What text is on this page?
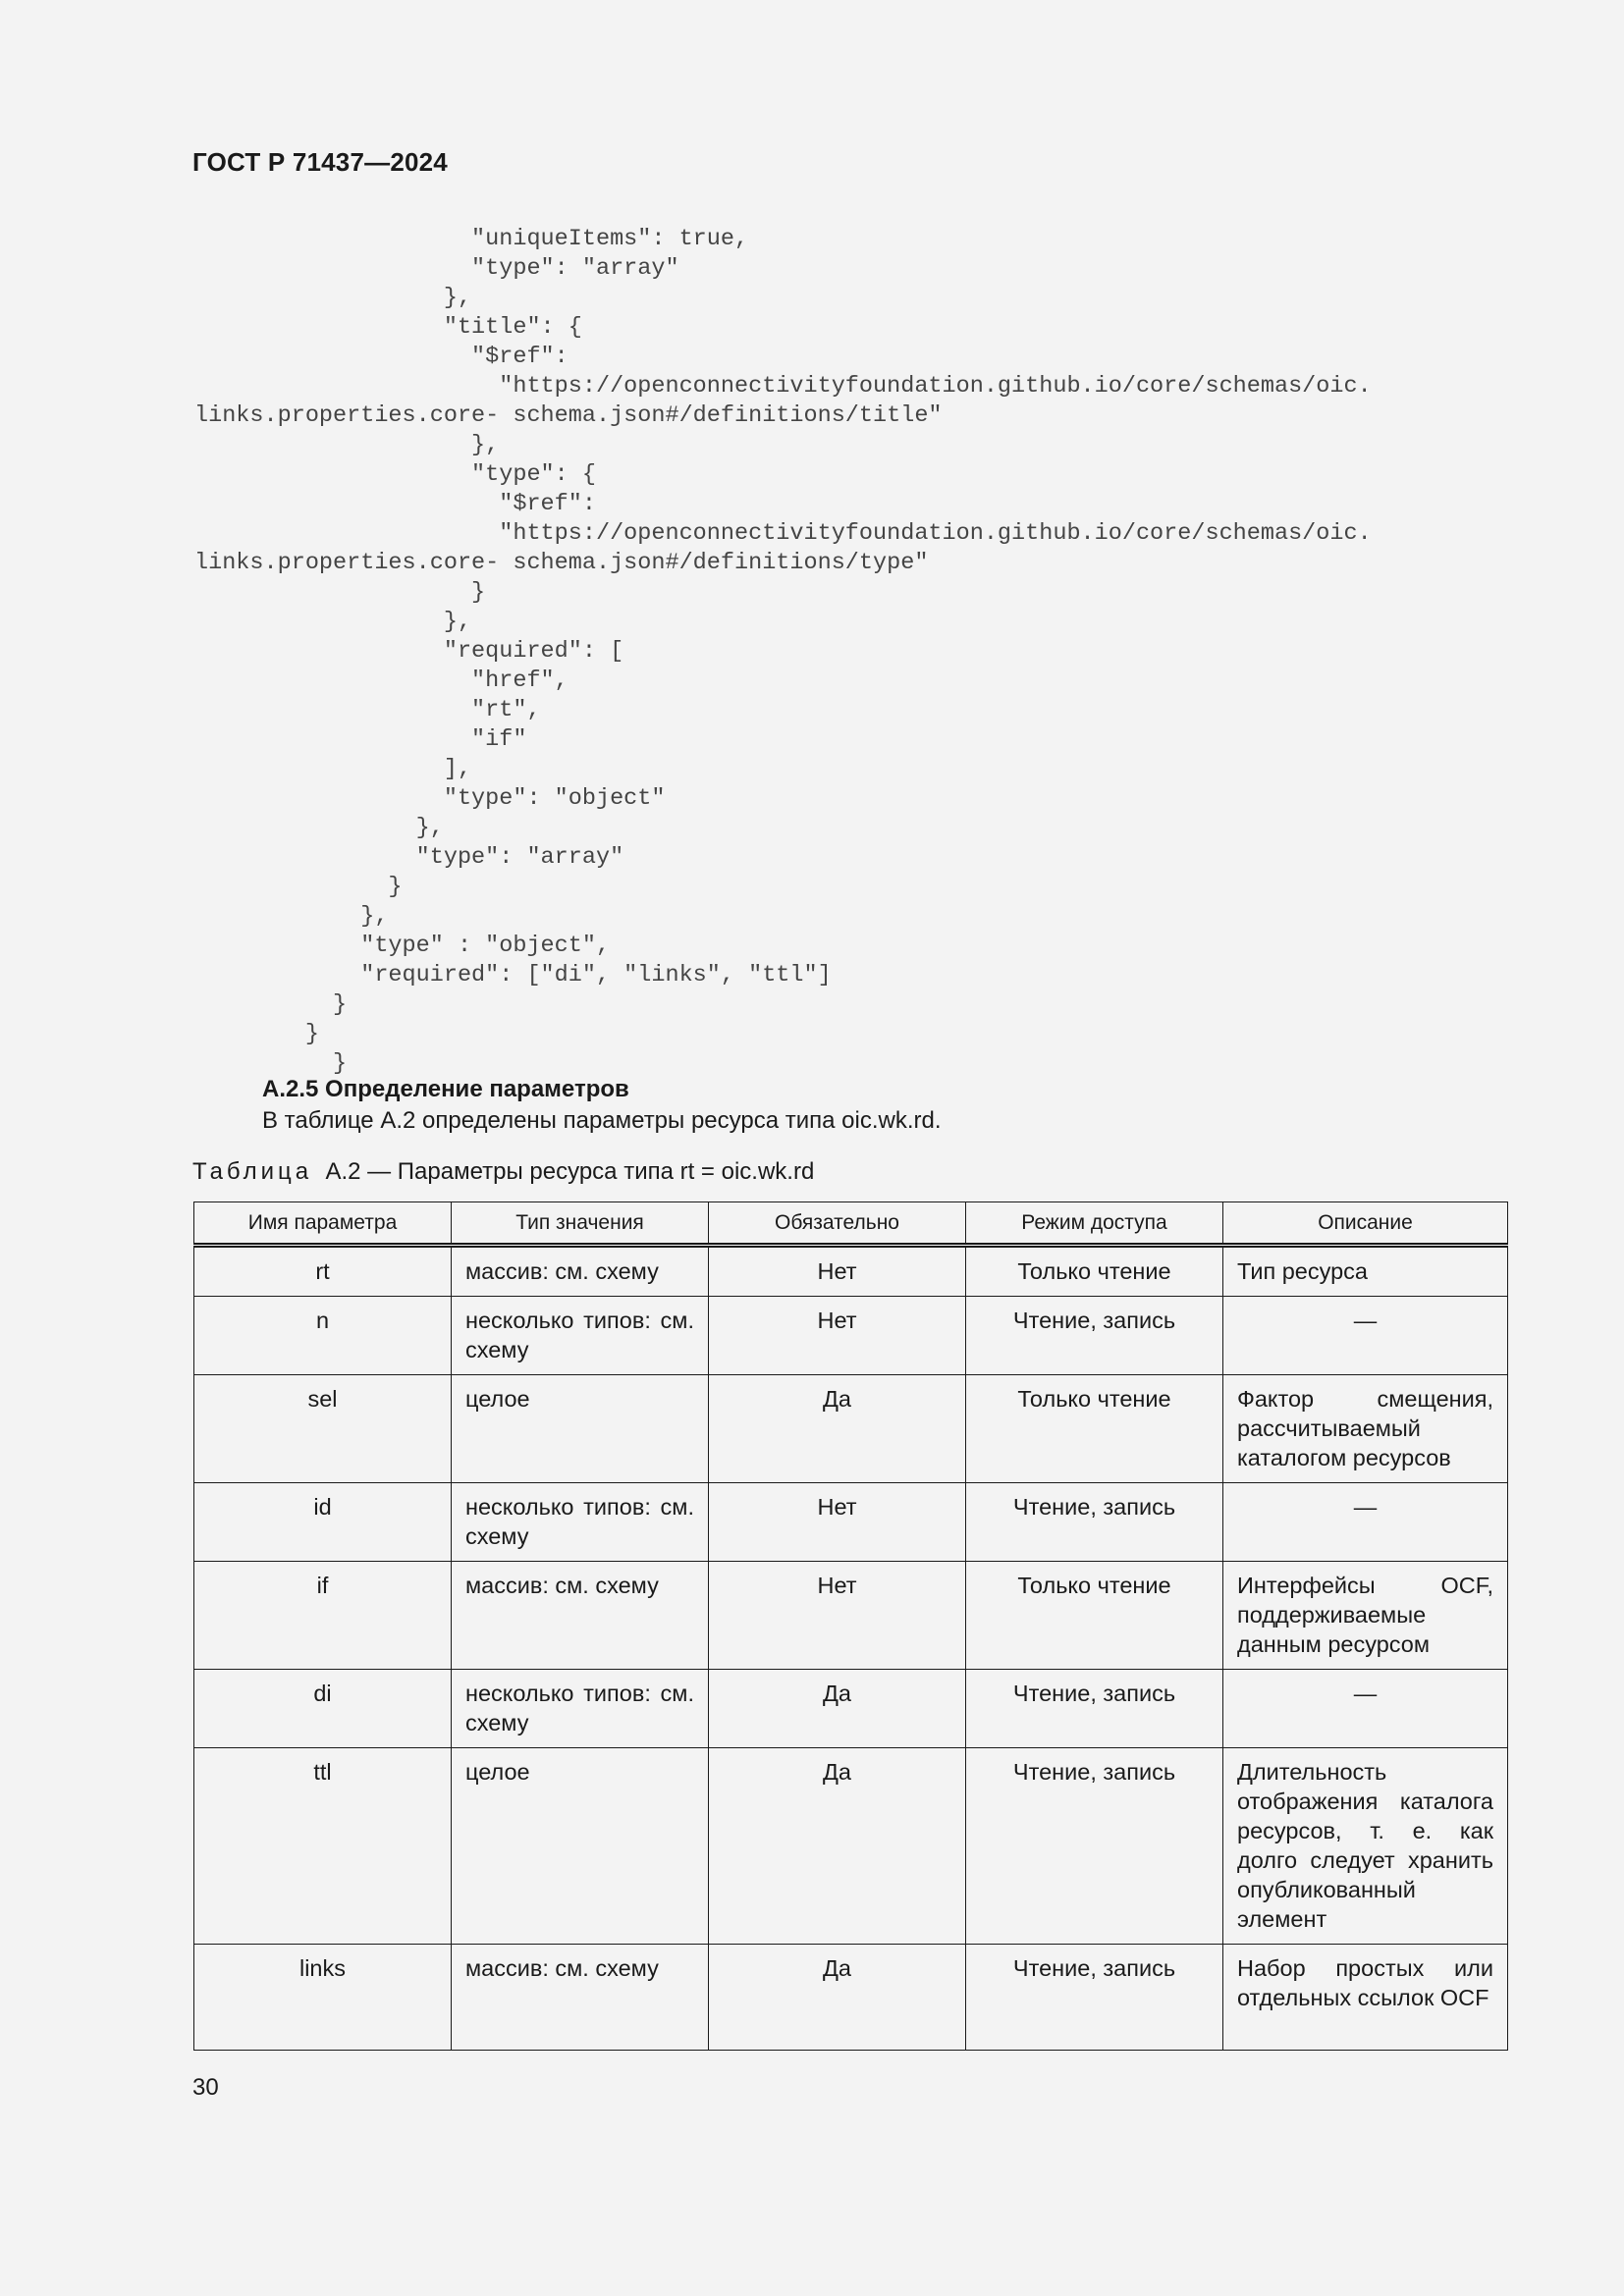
ГОСТ Р 71437—2024
"uniqueItems": true,
"type": "array"
},
"title": {
"$ref":
"https://openconnectivityfoundation.github.io/core/schemas/oic.
links.properties.core- schema.json#/definitions/title"
},
"type": {
"$ref":
"https://openconnectivityfoundation.github.io/core/schemas/oic.
links.properties.core- schema.json#/definitions/type"
}
},
"required": [
"href",
"rt",
"if"
],
"type": "object"
},
"type": "array"
}
},
"type" : "object",
"required": ["di", "links", "ttl"]
}
}
}
А.2.5 Определение параметров
В таблице А.2 определены параметры ресурса типа oic.wk.rd.
Таблица  А.2 — Параметры ресурса типа rt = oic.wk.rd
Имя параметра	Тип значения	Обязательно	Режим доступа	Описание
rt	массив: см. схему	Нет	Только чтение	Тип ресурса
n	несколько типов: см. схему	Нет	Чтение, запись	—
sel	целое	Да	Только чтение	Фактор смещения, рассчитываемый каталогом ресурсов
id	несколько типов: см. схему	Нет	Чтение, запись	—
if	массив: см. схему	Нет	Только чтение	Интерфейсы OCF, поддерживаемые данным ресурсом
di	несколько типов: см. схему	Да	Чтение, запись	—
ttl	целое	Да	Чтение, запись	Длительность отображения каталога ресурсов, т. е. как долго следует хранить опубликованный элемент
links	массив: см. схему	Да	Чтение, запись	Набор простых или отдельных ссылок OCF
30
